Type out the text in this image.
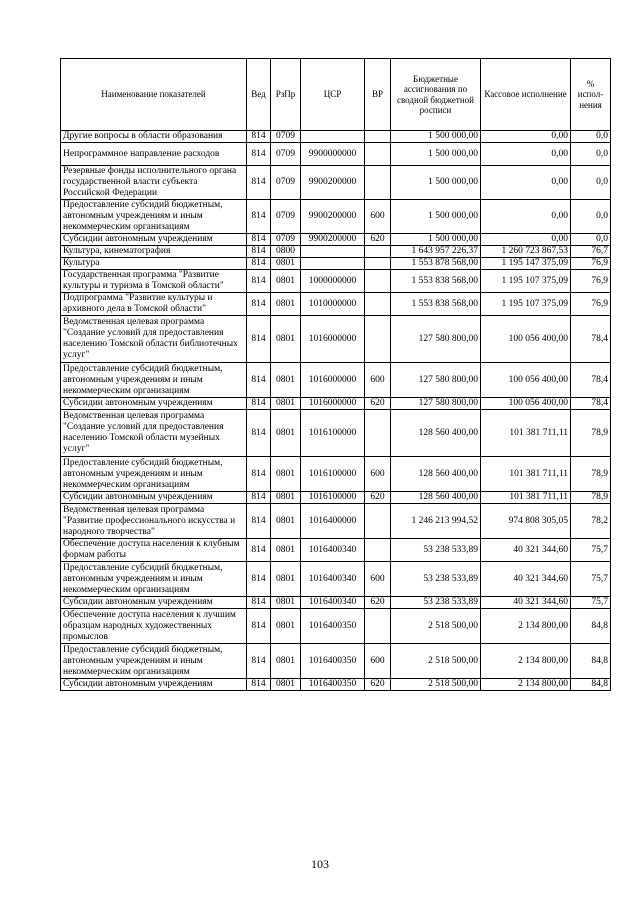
Наименование показателей	Вед	РзПр	ЦСР	ВР	Бюджетные ассигнования по сводной бюджетной росписи	Кассовое исполнение	% испол-нения
Другие вопросы в области образования	814	0709			1 500 000,00	0,00	0,0
Непрограммное направление расходов	814	0709	9900000000		1 500 000,00	0,00	0,0
Резервные фонды исполнительного органа государственной власти субъекта Российской Федерации	814	0709	9900200000		1 500 000,00	0,00	0,0
Предоставление субсидий бюджетным, автономным учреждениям и иным некоммерческим организациям	814	0709	9900200000	600	1 500 000,00	0,00	0,0
Субсидии автономным учреждениям	814	0709	9900200000	620	1 500 000,00	0,00	0,0
Культура, кинематография	814	0800			1 643 957 226,37	1 260 723 867,53	76,7
Культура	814	0801			1 553 878 568,00	1 195 147 375,09	76,9
Государственная программа "Развитие культуры и туризма в Томской области"	814	0801	1000000000		1 553 838 568,00	1 195 107 375,09	76,9
Подпрограмма "Развитие культуры и архивного дела в Томской области"	814	0801	1010000000		1 553 838 568,00	1 195 107 375,09	76,9
Ведомственная целевая программа "Создание условий для предоставления населению Томской области библиотечных услуг"	814	0801	1016000000		127 580 800,00	100 056 400,00	78,4
Предоставление субсидий бюджетным, автономным учреждениям и иным некоммерческим организациям	814	0801	1016000000	600	127 580 800,00	100 056 400,00	78,4
Субсидии автономным учреждениям	814	0801	1016000000	620	127 580 800,00	100 056 400,00	78,4
Ведомственная целевая программа "Создание условий для предоставления населению Томской области музейных услуг"	814	0801	1016100000		128 560 400,00	101 381 711,11	78,9
Предоставление субсидий бюджетным, автономным учреждениям и иным некоммерческим организациям	814	0801	1016100000	600	128 560 400,00	101 381 711,11	78,9
Субсидии автономным учреждениям	814	0801	1016100000	620	128 560 400,00	101 381 711,11	78,9
Ведомственная целевая программа "Развитие профессионального искусства и народного творчества"	814	0801	1016400000		1 246 213 994,52	974 808 305,05	78,2
Обеспечение доступа населения к клубным формам работы	814	0801	1016400340		53 238 533,89	40 321 344,60	75,7
Предоставление субсидий бюджетным, автономным учреждениям и иным некоммерческим организациям	814	0801	1016400340	600	53 238 533,89	40 321 344,60	75,7
Субсидии автономным учреждениям	814	0801	1016400340	620	53 238 533,89	40 321 344,60	75,7
Обеспечение доступа населения к лучшим образцам народных художественных промыслов	814	0801	1016400350		2 518 500,00	2 134 800,00	84,8
Предоставление субсидий бюджетным, автономным учреждениям и иным некоммерческим организациям	814	0801	1016400350	600	2 518 500,00	2 134 800,00	84,8
Субсидии автономным учреждениям	814	0801	1016400350	620	2 518 500,00	2 134 800,00	84,8
103
